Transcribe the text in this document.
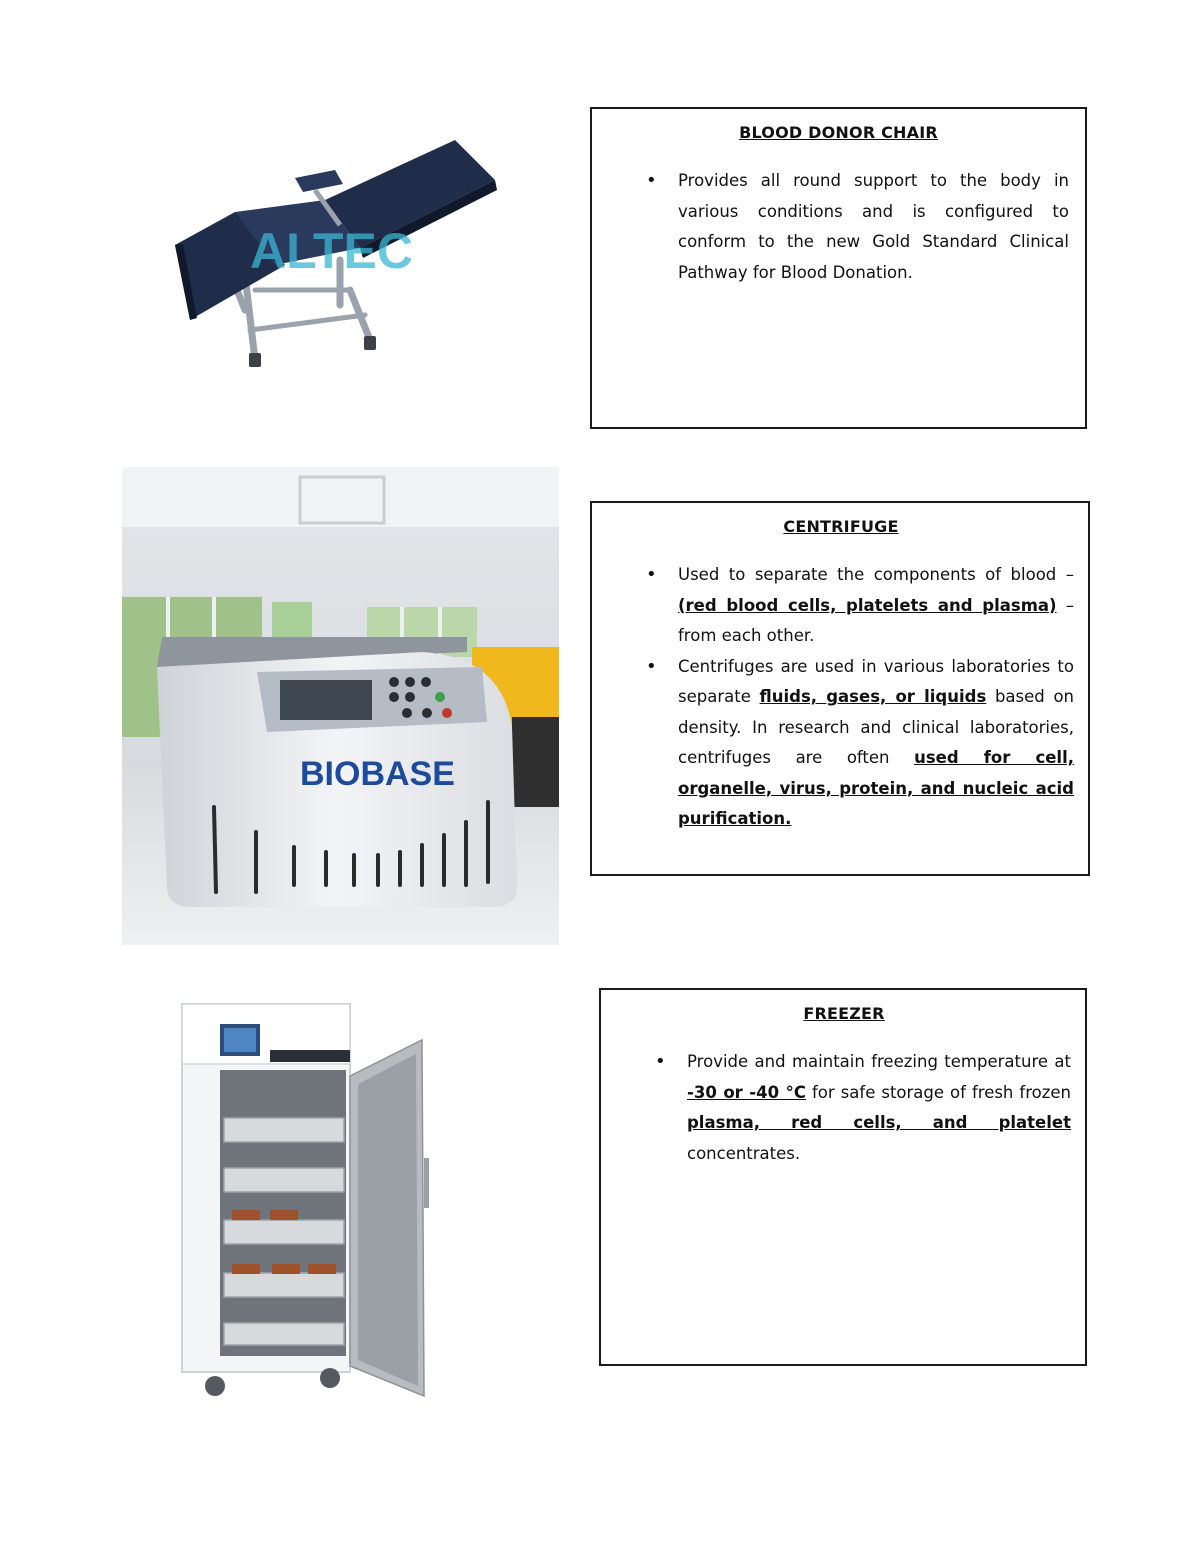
ALTEC
BLOOD DONOR CHAIR
• Provides all round support to the body in various conditions and is configured to conform to the new Gold Standard Clinical Pathway for Blood Donation.
BIOBASE
CENTRIFUGE
• Used to separate the components of blood – (red blood cells, platelets and plasma) – from each other.
• Centrifuges are used in various laboratories to separate fluids, gases, or liquids based on density. In research and clinical laboratories, centrifuges are often used for cell, organelle, virus, protein, and nucleic acid purification.
FREEZER
• Provide and maintain freezing temperature at -30 or -40 °C for safe storage of fresh frozen plasma, red cells, and platelet concentrates.
